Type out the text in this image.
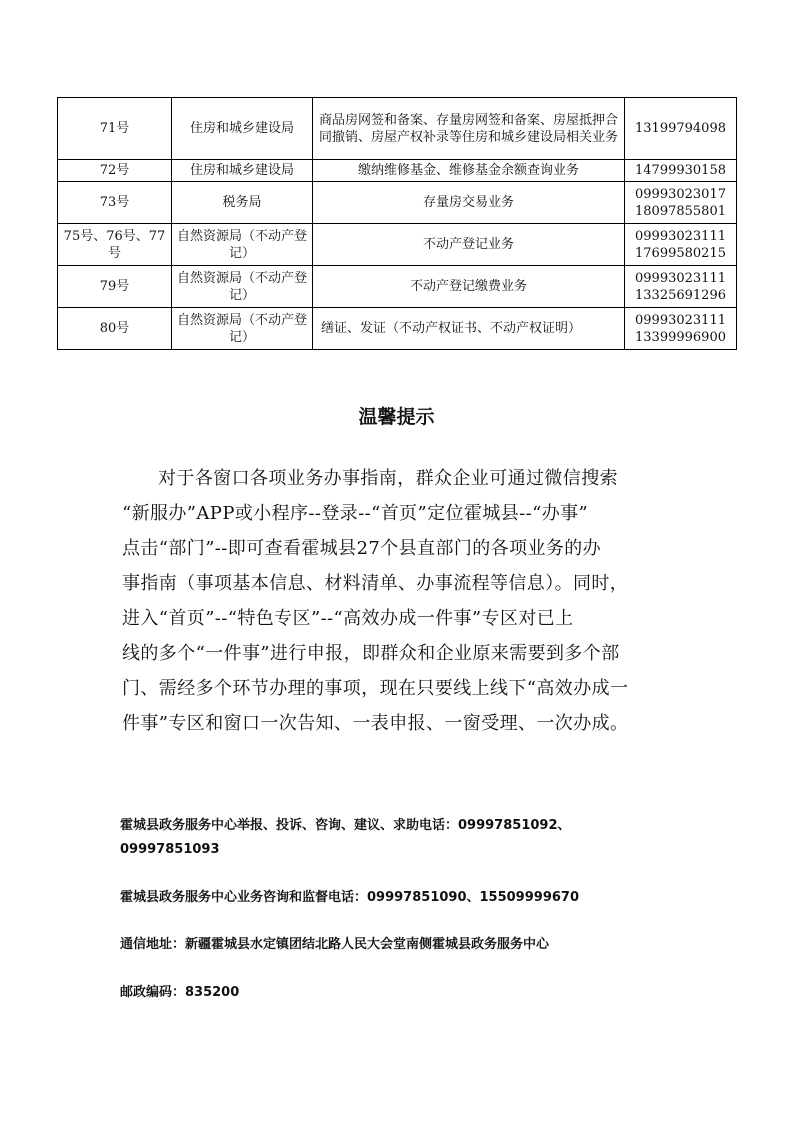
71号	住房和城乡建设局	商品房网签和备案、存量房网签和备案、房屋抵押合同撤销、房屋产权补录等住房和城乡建设局相关业务	13199794098

72号	住房和城乡建设局	缴纳维修基金、维修基金余额查询业务	14799930158

73号	税务局	存量房交易业务	09993023017
18097855801

75号、76号、77号	自然资源局（不动产登记）	不动产登记业务	09993023111
17699580215

79号	自然资源局（不动产登记）	不动产登记缴费业务	09993023111
13325691296

80号	自然资源局（不动产登记）	缮证、发证（不动产权证书、不动产权证明）	09993023111
13399996900
温馨提示

对于各窗口各项业务办事指南，群众企业可通过微信搜索
“新服办”APP或小程序--登录--“首页”定位霍城县--“办事”
点击“部门”--即可查看霍城县27个县直部门的各项业务的办
事指南（事项基本信息、材料清单、办事流程等信息）。同时，
进入“首页”--“特色专区”--“高效办成一件事”专区对已上
线的多个“一件事”进行申报，即群众和企业原来需要到多个部
门、需经多个环节办理的事项，现在只要线上线下“高效办成一
件事”专区和窗口一次告知、一表申报、一窗受理、一次办成。

霍城县政务服务中心举报、投诉、咨询、建议、求助电话：09997851092、
09997851093

霍城县政务服务中心业务咨询和监督电话：09997851090、15509999670

通信地址：新疆霍城县水定镇团结北路人民大会堂南侧霍城县政务服务中心

邮政编码：835200
